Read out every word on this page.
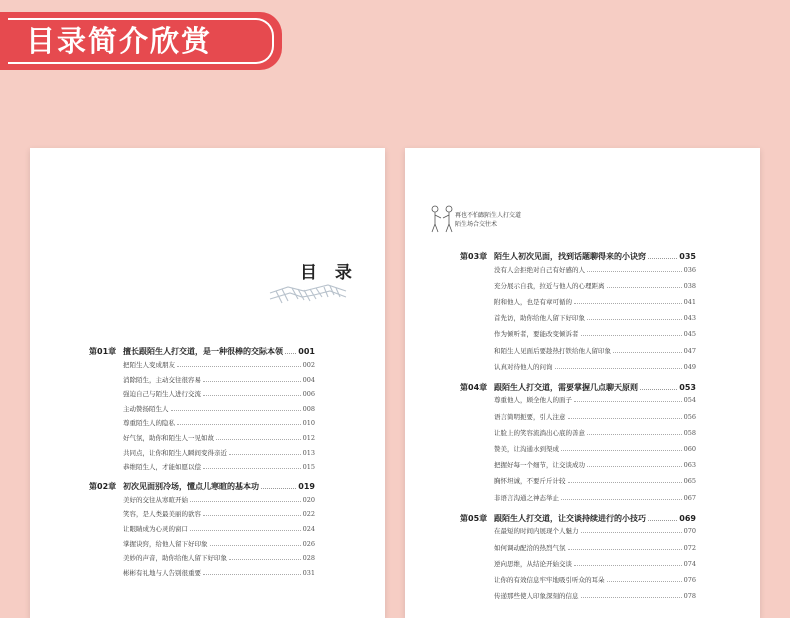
目录简介欣赏
目 录
第01章 擅长跟陌生人打交道，是一种很棒的交际本领 001
把陌生人变成朋友	002
消除陌生，主动交往很容易	004
强迫自己与陌生人进行交流	006
主动赞扬陌生人	008
尊重陌生人的隐私	010
好气氛，助你和陌生人一见如故	012
共同点，让你和陌生人瞬间变得亲近	013
恭维陌生人，才能如愿以偿	015
第02章 初次见面别冷场，懂点儿寒暄的基本功	019
美好的交往从寒暄开始	020
笑容，是人类最美丽的欲容	022
让眼睛成为心灵的窗口	024
掌握诀窍，给他人留下好印象	026
美妙的声音，助你给他人留下好印象	028
彬彬有礼地与人告别很重要	031
再也不怕跟陌生人打交道
陌生场合交往术
第03章 陌生人初次见面，找到话题聊得来的小诀窍	035
没有人会拒绝对自己有好感的人	036
充分展示自我，拉近与他人的心理距离	038
附和他人，也是有章可循的	041
首先访，助你给他人留下好印象	043
作为倾听者，要能改变倾诉者	045
和陌生人见面后要趁热打铁给他人留印象	047
认真对待他人的问询	049
第04章 跟陌生人打交道，需要掌握几点聊天原则	053
尊重他人，顾全他人的面子	054
语言简明扼要，引人注意	056
让脸上的笑容流淌出心底的善意	058
赞美，让沟通水到渠成	060
把握好每一个细节，让交谈成功	063
胸怀坦诚，不要斤斤计较	065
非语言沟通之神态举止	067
第05章 跟陌生人打交道，让交谈持续进行的小技巧	069
在最短的时间内展现个人魅力	070
如何调动配洽的热烈气氛	072
逆向思维，从结论开始交谈	074
让你的有效信息牢牢地吸引听众的耳朵	076
传递那些使人印象深刻的信息	078
